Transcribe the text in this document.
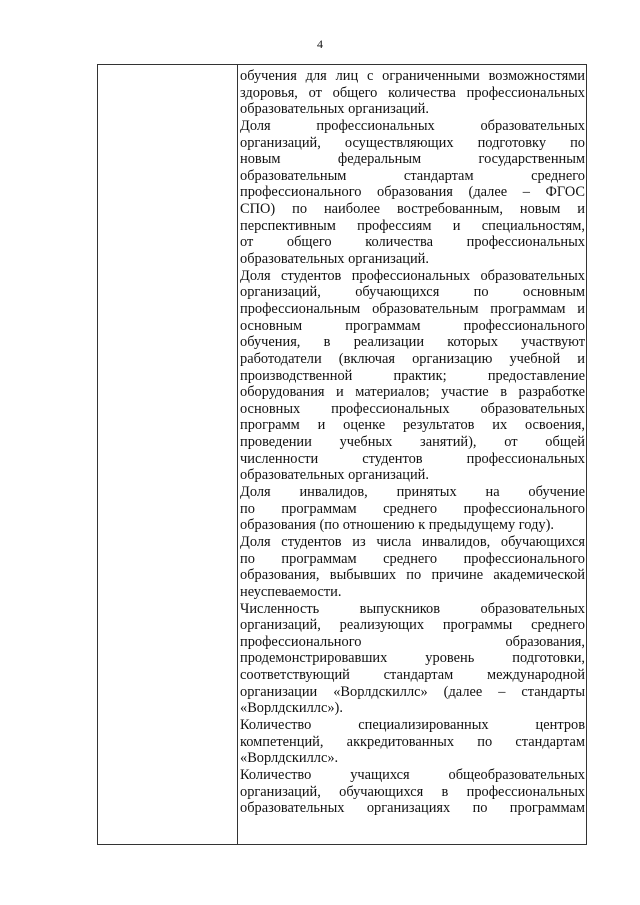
4
обучения для лиц с ограниченными возможностями
здоровья, от общего количества профессиональных
образовательных организаций.
Доля профессиональных образовательных
организаций, осуществляющих подготовку по
новым федеральным государственным
образовательным стандартам среднего
профессионального образования (далее – ФГОС
СПО) по наиболее востребованным, новым и
перспективным профессиям и специальностям,
от общего количества профессиональных
образовательных организаций.
Доля студентов профессиональных образовательных
организаций, обучающихся по основным
профессиональным образовательным программам и
основным программам профессионального
обучения, в реализации которых участвуют
работодатели (включая организацию учебной и
производственной практик; предоставление
оборудования и материалов; участие в разработке
основных профессиональных образовательных
программ и оценке результатов их освоения,
проведении учебных занятий), от общей
численности студентов профессиональных
образовательных организаций.
Доля инвалидов, принятых на обучение
по программам среднего профессионального
образования (по отношению к предыдущему году).
Доля студентов из числа инвалидов, обучающихся
по программам среднего профессионального
образования, выбывших по причине академической
неуспеваемости.
Численность выпускников образовательных
организаций, реализующих программы среднего
профессионального образования,
продемонстрировавших уровень подготовки,
соответствующий стандартам международной
организации «Ворлдскиллс» (далее – стандарты
«Ворлдскиллс»).
Количество специализированных центров
компетенций, аккредитованных по стандартам
«Ворлдскиллс».
Количество учащихся общеобразовательных
организаций, обучающихся в профессиональных
образовательных организациях по программам
